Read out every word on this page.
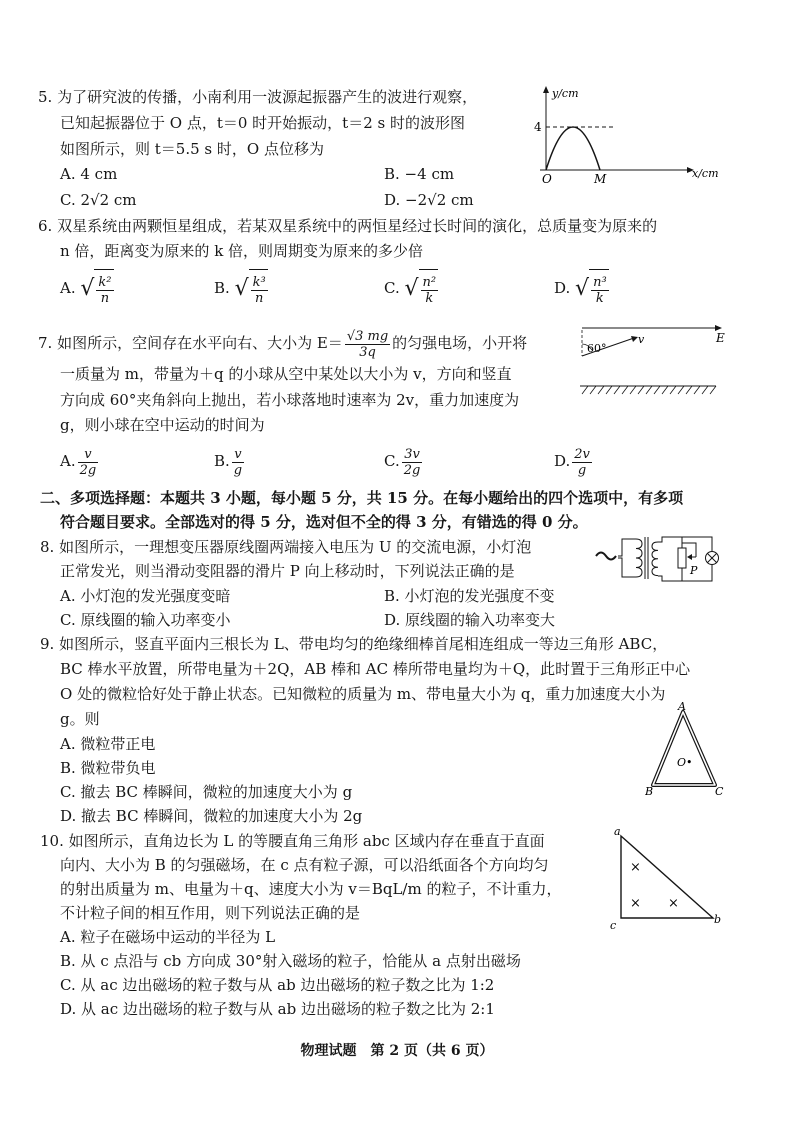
5. 为了研究波的传播，小南利用一波源起振器产生的波进行观察，
已知起振器位于 O 点，t＝0 时开始振动，t＝2 s 时的波形图
如图所示，则 t＝5.5 s 时，O 点位移为
A. 4 cm	B. −4 cm
C. 2√2 cm	D. −2√2 cm
y/cm
4
O	M	x/cm
6. 双星系统由两颗恒星组成，若某双星系统中的两恒星经过长时间的演化，总质量变为原来的
n 倍，距离变为原来的 k 倍，则周期变为原来的多少倍
A. √ $\frac{\text{k²}}{n}$	B. √ $\frac{\text{k³}}{n}$	C. √ $\frac{\text{n²}}{k}$	D. √ $\frac{\text{n³}}{k}$
7. 如图所示，空间存在水平向右、大小为 $E= \frac{√3 mg}{3q}$ 的匀强电场，小开将
一质量为 m，带量为＋q 的小球从空中某处以大小为 v，方向和竖直
方向成 60°夹角斜向上抛出，若小球落地时速率为 2v，重力加速度为
g，则小球在空中运动的时间为
A. $\frac{v}{2g}$	B. $\frac{v}{g}$	C. $\frac{3v}{2g}$	D. $\frac{2v}{g}$
E
60°
v
二、多项选择题：本题共 3 小题，每小题 5 分，共 15 分。在每小题给出的四个选项中，有多项
符合题目要求。全部选对的得 5 分，选对但不全的得 3 分，有错选的得 0 分。
8. 如图所示，一理想变压器原线圈两端接入电压为 U 的交流电源，小灯泡
正常发光，则当滑动变阻器的滑片 P 向上移动时，下列说法正确的是
A. 小灯泡的发光强度变暗	B. 小灯泡的发光强度不变
C. 原线圈的输入功率变小	D. 原线圈的输入功率变大
P
9. 如图所示，竖直平面内三根长为 L、带电均匀的绝缘细棒首尾相连组成一等边三角形 ABC，
BC 棒水平放置，所带电量为＋2Q，AB 棒和 AC 棒所带电量均为＋Q，此时置于三角形正中心
O 处的微粒恰好处于静止状态。已知微粒的质量为 m、带电量大小为 q，重力加速度大小为
g。则
A. 微粒带正电
B. 微粒带负电
C. 撤去 BC 棒瞬间，微粒的加速度大小为 g
D. 撤去 BC 棒瞬间，微粒的加速度大小为 2g
A
B	C
O•
10. 如图所示，直角边长为 L 的等腰直角三角形 abc 区域内存在垂直于直面
向内、大小为 B 的匀强磁场，在 c 点有粒子源，可以沿纸面各个方向均匀
的射出质量为 m、电量为＋q、速度大小为 v＝BqL/m 的粒子，不计重力，
不计粒子间的相互作用，则下列说法正确的是
A. 粒子在磁场中运动的半径为 L
B. 从 c 点沿与 cb 方向成 30°射入磁场的粒子，恰能从 a 点射出磁场
C. 从 ac 边出磁场的粒子数与从 ab 边出磁场的粒子数之比为 1:2
D. 从 ac 边出磁场的粒子数与从 ab 边出磁场的粒子数之比为 2:1
a
c	b
×
× ×
物理试题　第 2 页（共 6 页）
